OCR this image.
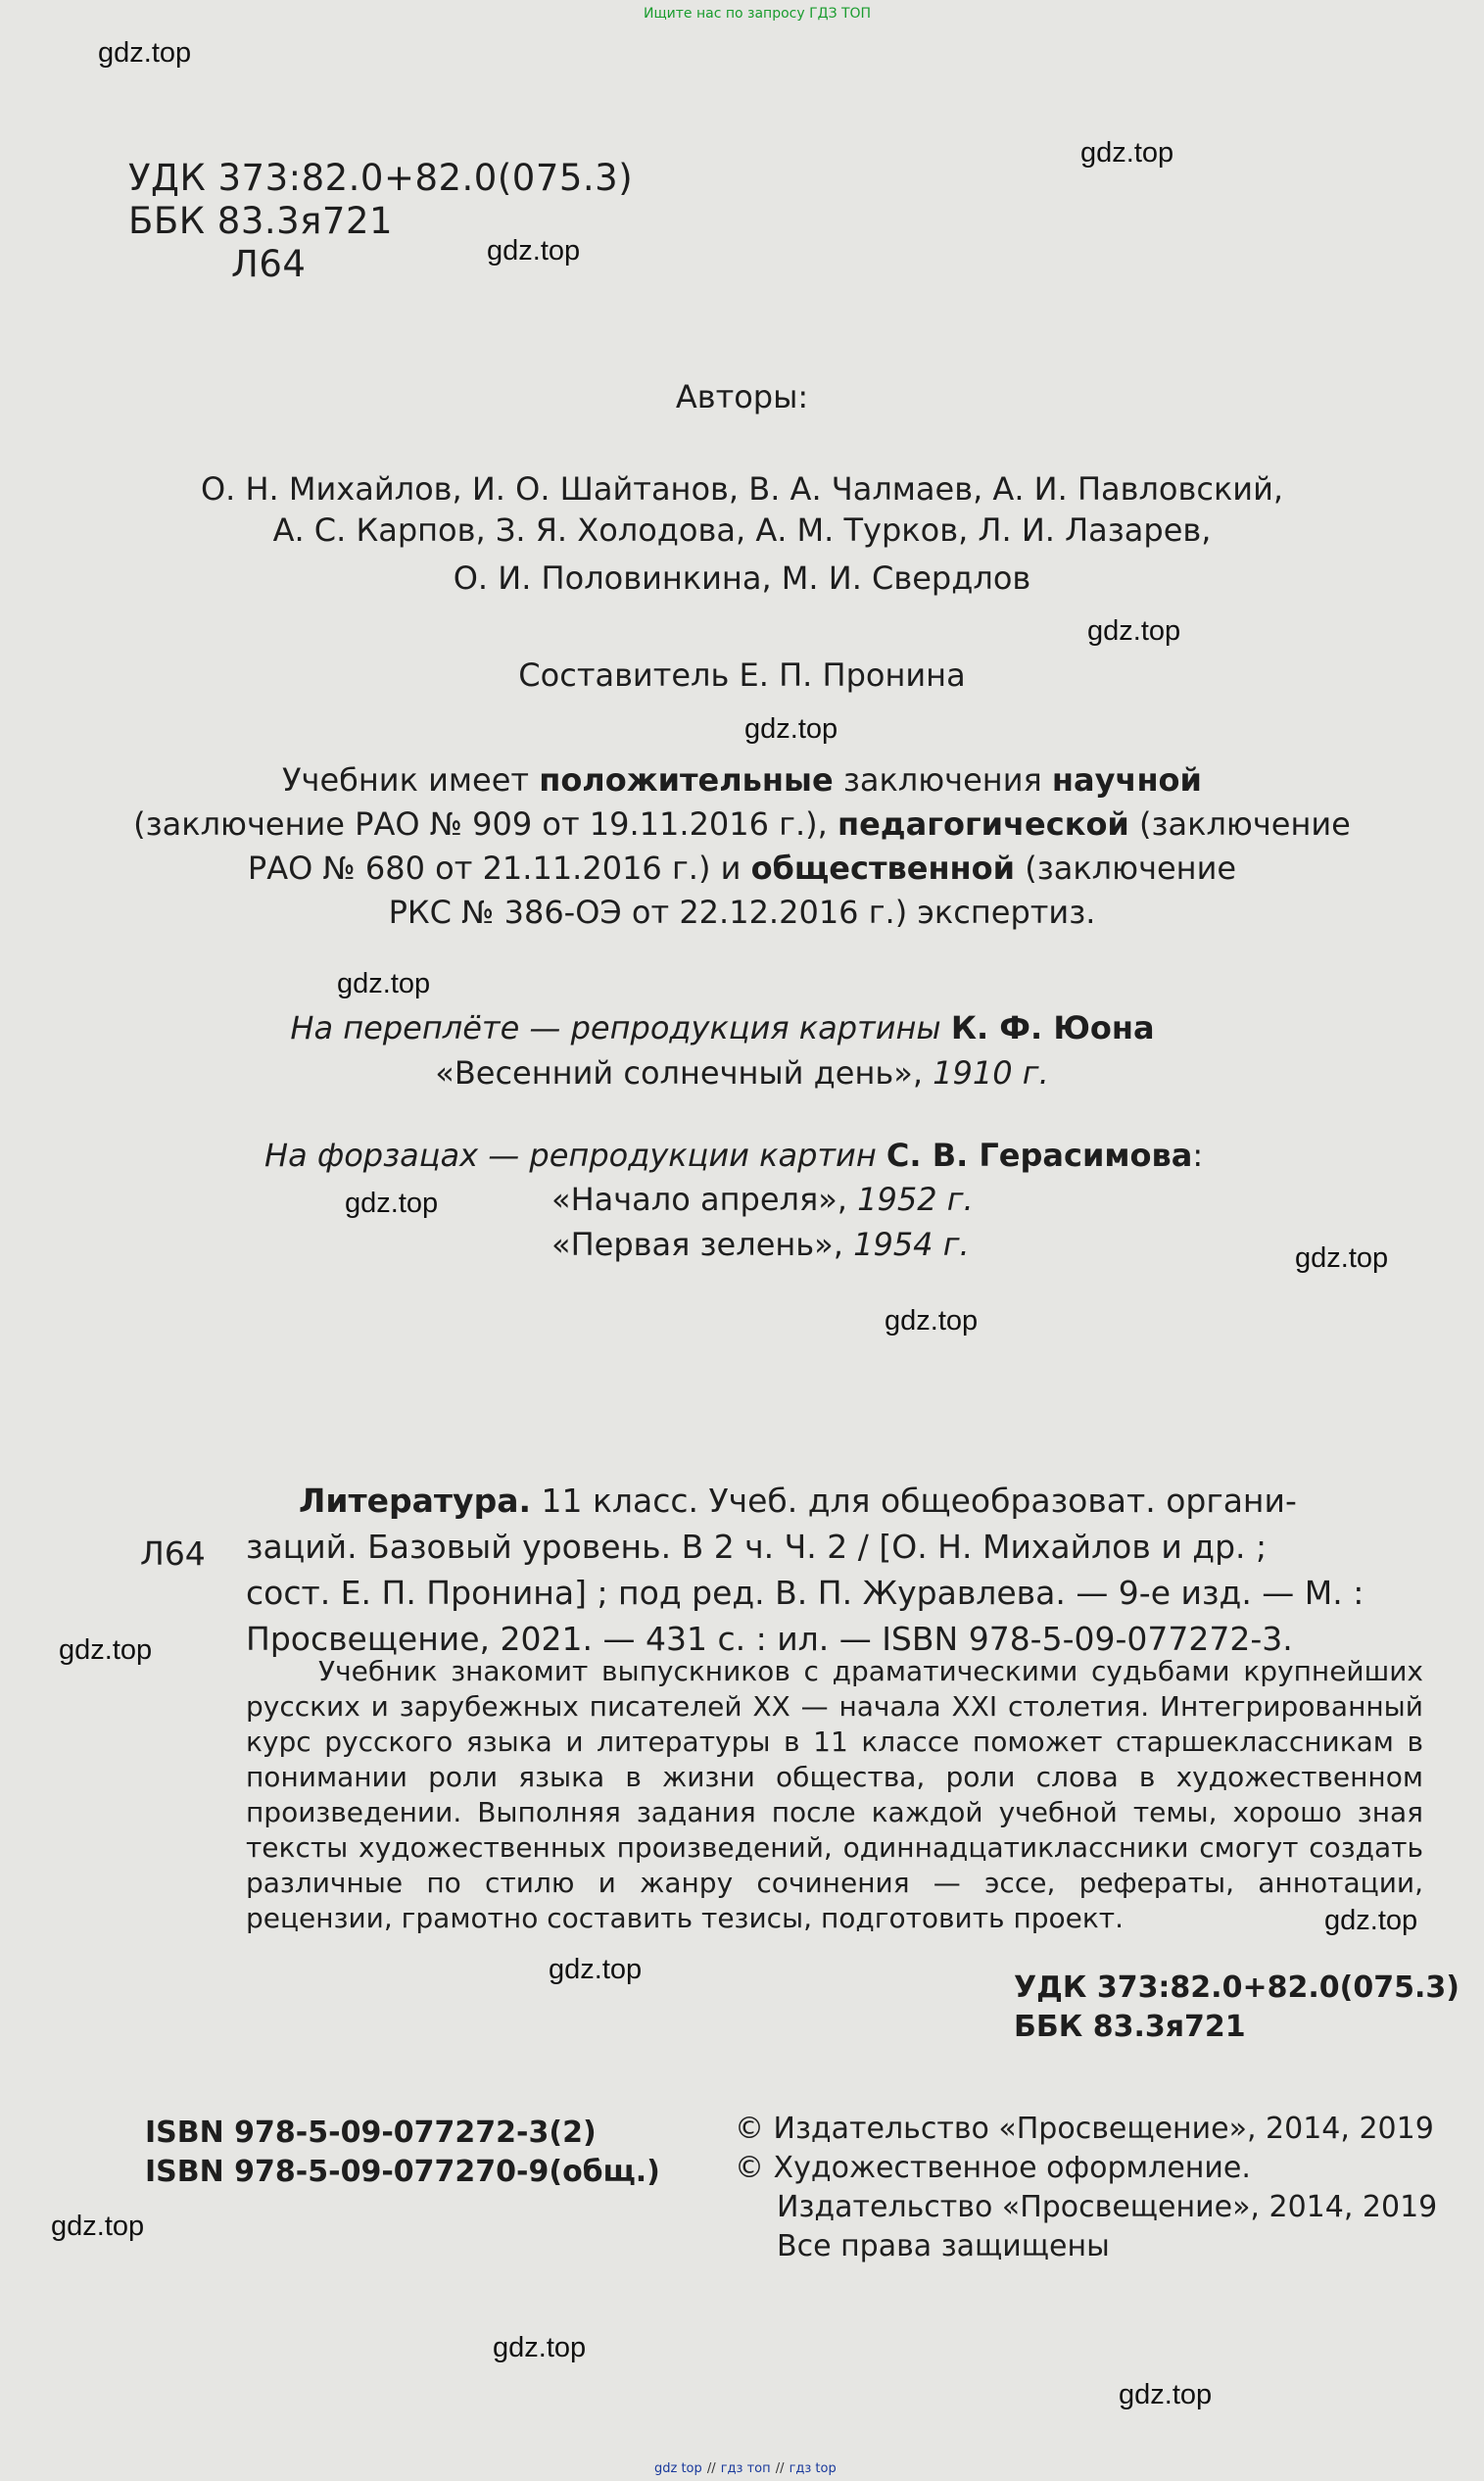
Ищите нас по запросу ГДЗ ТОП
gdz.top
gdz.top
gdz.top
gdz.top
gdz.top
gdz.top
gdz.top
gdz.top
gdz.top
gdz.top
gdz.top
gdz.top
gdz.top
gdz.top
gdz.top
УДК 373:82.0+82.0(075.3)
ББК 83.3я721
Л64
Авторы:
О. Н. Михайлов, И. О. Шайтанов, В. А. Чалмаев, А. И. Павловский,
А. С. Карпов, З. Я. Холодова, А. М. Турков, Л. И. Лазарев,
О. И. Половинкина, М. И. Свердлов
Составитель Е. П. Пронина
Учебник имеет положительные заключения научной
(заключение РАО № 909 от 19.11.2016 г.), педагогической (заключение
РАО № 680 от 21.11.2016 г.) и общественной (заключение
РКС № 386-ОЭ от 22.12.2016 г.) экспертиз.
На переплёте — репродукция картины К. Ф. Юона
«Весенний солнечный день», 1910 г.
На форзацах — репродукции картин С. В. Герасимова:
«Начало апреля», 1952 г.
«Первая зелень», 1954 г.
Л64
Литература. 11 класс. Учеб. для общеобразоват. органи-
заций. Базовый уровень. В 2 ч. Ч. 2 / [О. Н. Михайлов и др. ;
сост. Е. П. Пронина] ; под ред. В. П. Журавлева. — 9-е изд. — М. :
Просвещение, 2021. — 431 с. : ил. — ISBN 978-5-09-077272-3.
Учебник знакомит выпускников с драматическими судьбами крупнейших русских и зарубежных писателей XX — начала XXI столетия. Интегрированный курс русского языка и литературы в 11 классе поможет старшеклассникам в понимании роли языка в жизни общества, роли слова в художественном произведении. Выполняя задания после каждой учебной темы, хорошо зная тексты художественных произведений, одиннадцатиклассники смогут создать различные по стилю и жанру сочинения — эссе, рефераты, аннотации, рецензии, грамотно составить тезисы, подготовить проект.
УДК 373:82.0+82.0(075.3)
ББК 83.3я721
ISBN 978-5-09-077272-3(2)
ISBN 978-5-09-077270-9(общ.)
© Издательство «Просвещение», 2014, 2019
© Художественное оформление.
Издательство «Просвещение», 2014, 2019
Все права защищены
gdz top // гдз топ // гдз top
